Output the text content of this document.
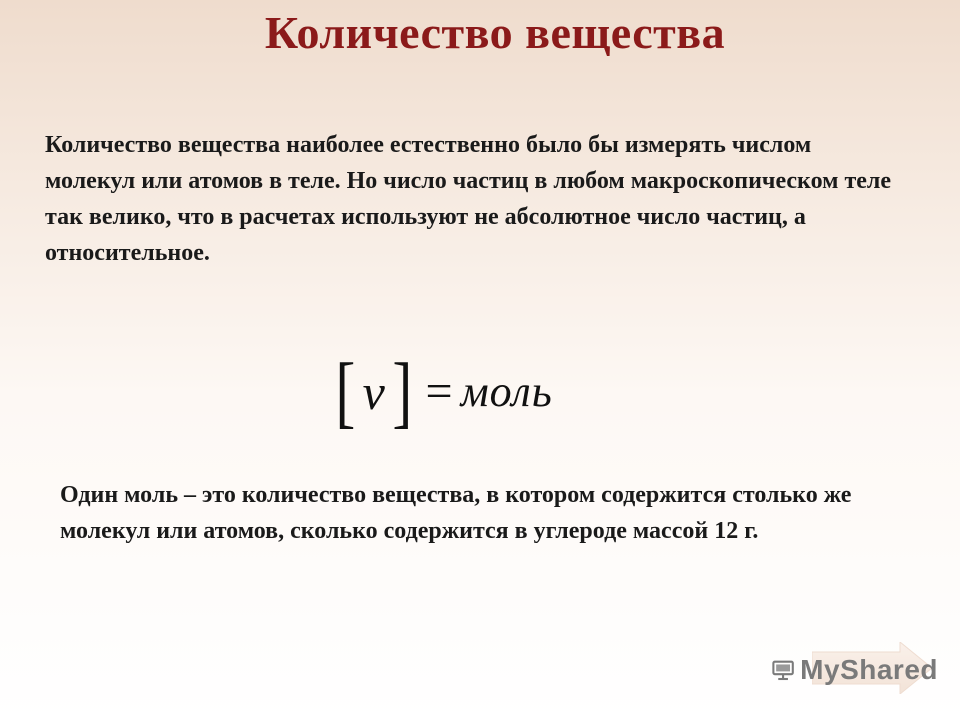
Количество вещества
Количество вещества наиболее естественно было бы измерять числом молекул или атомов в теле. Но число частиц в любом макроскопическом теле так велико, что в расчетах используют не абсолютное число частиц, а относительное.
[ ν ] = моль
Один моль – это количество вещества, в котором содержится столько же молекул или атомов, сколько содержится в углероде массой 12 г.
MyShared
